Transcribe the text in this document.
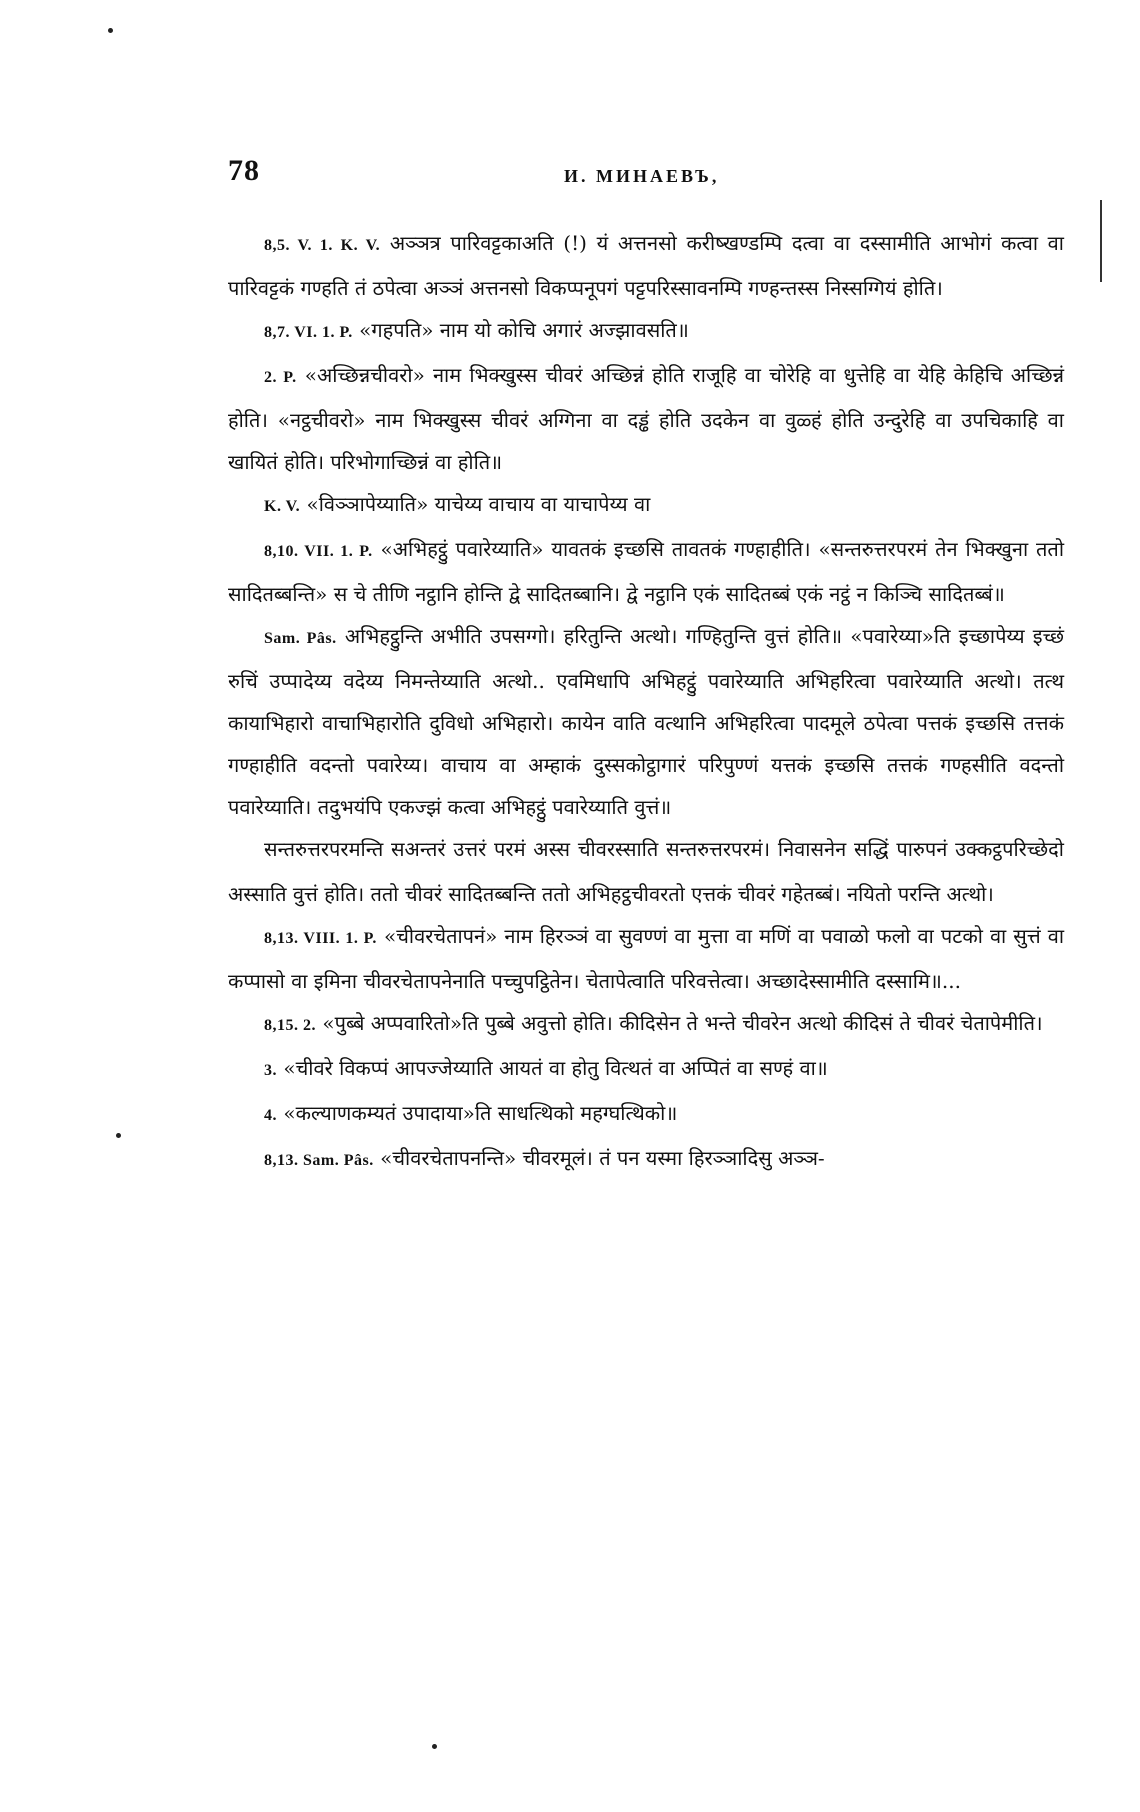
78	И. МИНАЕВЪ,

8,5. V. 1. K. V. अञ्ञत्र पारिवट्टकाअति (!) यं अत्तनसो करीष्खण्डम्पि दत्वा वा दस्सामीति आभोगं कत्वा वा पारिवट्टकं गण्हति तं ठपेत्वा अञ्ञं अत्तनसो विकप्पनूपगं पट्टपरिस्सावनम्पि गण्हन्तस्स निस्सग्गियं होति।

8,7. VI. 1. P. «गहपति» नाम यो कोचि अगारं अज्झावसति॥

2. P. «अच्छिन्नचीवरो» नाम भिक्खुस्स चीवरं अच्छिन्नं होति राजूहि वा चोरेहि वा धुत्तेहि वा येहि केहिचि अच्छिन्नं होति। «नट्ठचीवरो» नाम भिक्खुस्स चीवरं अग्गिना वा दड्ढं होति उदकेन वा वुळ्हं होति उन्दुरेहि वा उपचिकाहि वा खायितं होति। परिभोगाच्छिन्नं वा होति॥

K. V. «विञ्ञापेय्याति» याचेय्य वाचाय वा याचापेय्य वा

8,10. VII. 1. P. «अभिहट्ठुं पवारेय्याति» यावतकं इच्छसि तावतकं गण्हाहीति। «सन्तरुत्तरपरमं तेन भिक्खुना ततो सादितब्बन्ति» स चे तीणि नट्ठानि होन्ति द्वे सादितब्बानि। द्वे नट्ठानि एकं सादितब्बं एकं नट्ठं न किञ्चि सादितब्बं॥

Sam. Pâs. अभिहट्ठुन्ति अभीति उपसग्गो। हरितुन्ति अत्थो। गण्हितुन्ति वुत्तं होति॥ «पवारेय्या»ति इच्छापेय्य इच्छं रुचिं उप्पादेय्य वदेय्य निमन्तेय्याति अत्थो.. एवमिधापि अभिहट्ठुं पवारेय्याति अभिहरित्वा पवारेय्याति अत्थो। तत्थ कायाभिहारो वाचाभिहारोति दुविधो अभिहारो। कायेन वाति वत्थानि अभिहरित्वा पादमूले ठपेत्वा पत्तकं इच्छसि तत्तकं गण्हाहीति वदन्तो पवारेय्य। वाचाय वा अम्हाकं दुस्सकोट्ठागारं परिपुण्णं यत्तकं इच्छसि तत्तकं गण्हसीति वदन्तो पवारेय्याति। तदुभयंपि एकज्झं कत्वा अभिहट्ठुं पवारेय्याति वुत्तं॥

सन्तरुत्तरपरमन्ति सअन्तरं उत्तरं परमं अस्स चीवरस्साति सन्तरुत्तरपरमं। निवासनेन सद्धिं पारुपनं उक्कट्ठपरिच्छेदो अस्साति वुत्तं होति। ततो चीवरं सादितब्बन्ति ततो अभिहट्ठचीवरतो एत्तकं चीवरं गहेतब्बं। नयितो परन्ति अत्थो।

8,13. VIII. 1. P. «चीवरचेतापनं» नाम हिरञ्ञं वा सुवण्णं वा मुत्ता वा मणिं वा पवाळो फलो वा पटको वा सुत्तं वा कप्पासो वा इमिना चीवरचेतापनेनाति पच्चुपट्ठितेन। चेतापेत्वाति परिवत्तेत्वा। अच्छादेस्सामीति दस्सामि॥...

8,15. 2. «पुब्बे अप्पवारितो»ति पुब्बे अवुत्तो होति। कीदिसेन ते भन्ते चीवरेन अत्थो कीदिसं ते चीवरं चेतापेमीति।

3. «चीवरे विकप्पं आपज्जेय्याति आयतं वा होतु वित्थतं वा अप्पितं वा सण्हं वा॥

4. «कल्याणकम्यतं उपादाया»ति साधत्थिको महग्घत्थिको॥

8,13. Sam. Pâs. «चीवरचेतापनन्ति» चीवरमूलं। तं पन यस्मा हिरञ्ञादिसु अञ्ञ-
